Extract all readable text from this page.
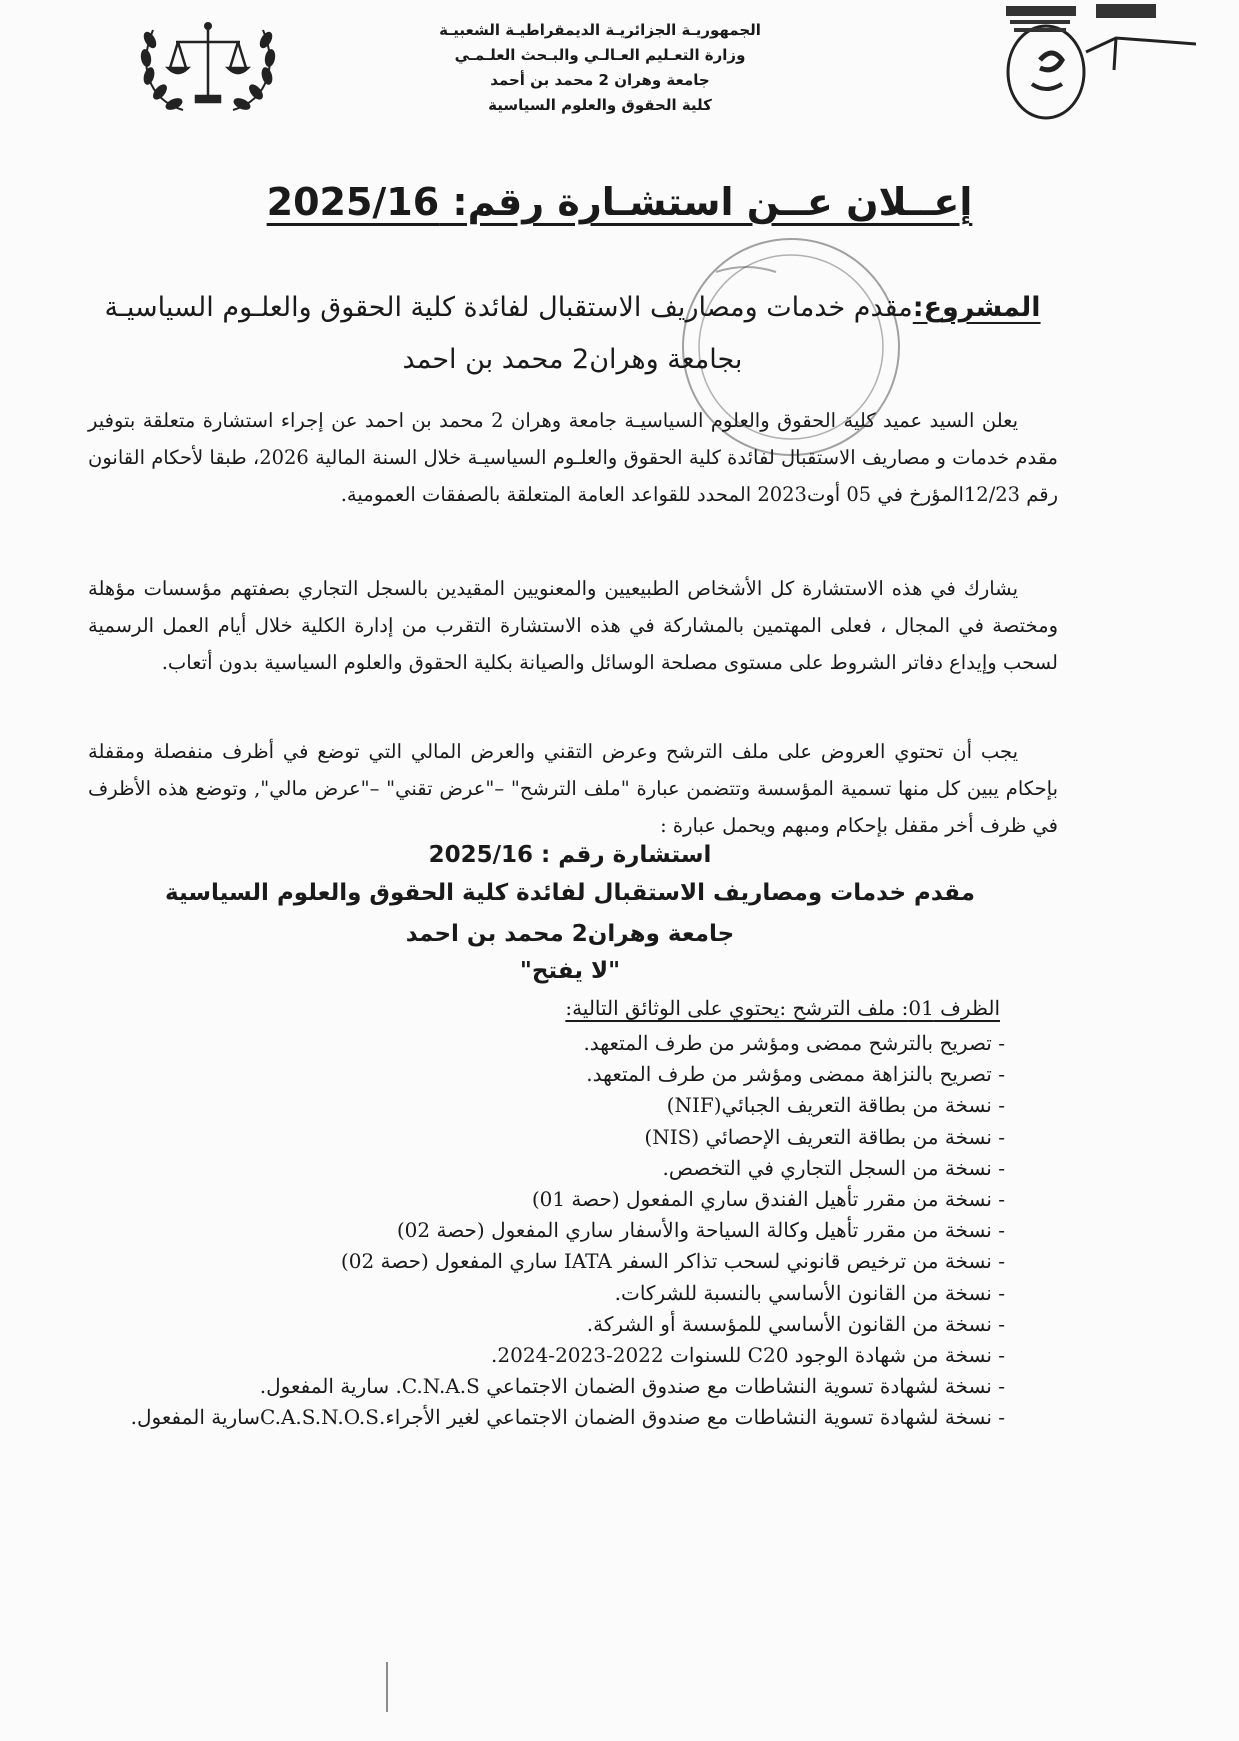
الجمهوريـة الجزائريـة الديمقراطيـة الشعبيـة
وزارة التعـليم العـالـي والبـحث العلـمـي
جامعة وهران 2 محمد بن أحمد
كلية الحقوق والعلوم السياسية
إعــلان عــن استشـارة رقم: 2025/16
المشروع:مقدم خدمات ومصاريف الاستقبال لفائدة كلية الحقوق والعلـوم السياسيـة بجامعة وهران2 محمد بن احمد
يعلن السيد عميد كلية الحقوق والعلوم السياسيـة جامعة وهران 2 محمد بن احمد عن إجراء استشارة متعلقة بتوفير مقدم خدمات و مصاريف الاستقبال لفائدة كلية الحقوق والعلـوم السياسيـة خلال السنة المالية 2026، طبقا لأحكام القانون رقم 12/23المؤرخ في 05 أوت2023 المحدد للقواعد العامة المتعلقة بالصفقات العمومية.
يشارك في هذه الاستشارة كل الأشخاص الطبيعيين والمعنويين المقيدين بالسجل التجاري بصفتهم مؤسسات مؤهلة ومختصة في المجال ، فعلى المهتمين بالمشاركة في هذه الاستشارة التقرب من إدارة الكلية خلال أيام العمل الرسمية لسحب وإيداع دفاتر الشروط على مستوى مصلحة الوسائل والصيانة بكلية الحقوق والعلوم السياسية بدون أتعاب.
يجب أن تحتوي العروض على ملف الترشح وعرض التقني والعرض المالي التي توضع في أظرف منفصلة ومقفلة بإحكام يبين كل منها تسمية المؤسسة وتتضمن عبارة "ملف الترشح" –"عرض تقني" –"عرض مالي", وتوضع هذه الأظرف في ظرف أخر مقفل بإحكام ومبهم ويحمل عبارة :
استشارة رقم : 2025/16
مقدم خدمات ومصاريف الاستقبال لفائدة كلية الحقوق والعلوم السياسية
جامعة وهران2 محمد بن احمد
"لا يفتح"
الظرف 01: ملف الترشح :يحتوي على الوثائق التالية:
- تصريح بالترشح ممضى ومؤشر من طرف المتعهد.
- تصريح بالنزاهة ممضى ومؤشر من طرف المتعهد.
- نسخة من بطاقة التعريف الجبائي(NIF)
- نسخة من بطاقة التعريف الإحصائي (NIS)
- نسخة من السجل التجاري في التخصص.
- نسخة من مقرر تأهيل الفندق ساري المفعول (حصة 01)
- نسخة من مقرر تأهيل وكالة السياحة والأسفار ساري المفعول (حصة 02)
- نسخة من ترخيص قانوني لسحب تذاكر السفر IATA ساري المفعول (حصة 02)
- نسخة من القانون الأساسي بالنسبة للشركات.
- نسخة من القانون الأساسي للمؤسسة أو الشركة.
- نسخة من شهادة الوجود C20 للسنوات 2022-2023-2024.
- نسخة لشهادة تسوية النشاطات مع صندوق الضمان الاجتماعي C.N.A.S. سارية المفعول.
- نسخة لشهادة تسوية النشاطات مع صندوق الضمان الاجتماعي لغير الأجراء.C.A.S.N.O.Sسارية المفعول.
